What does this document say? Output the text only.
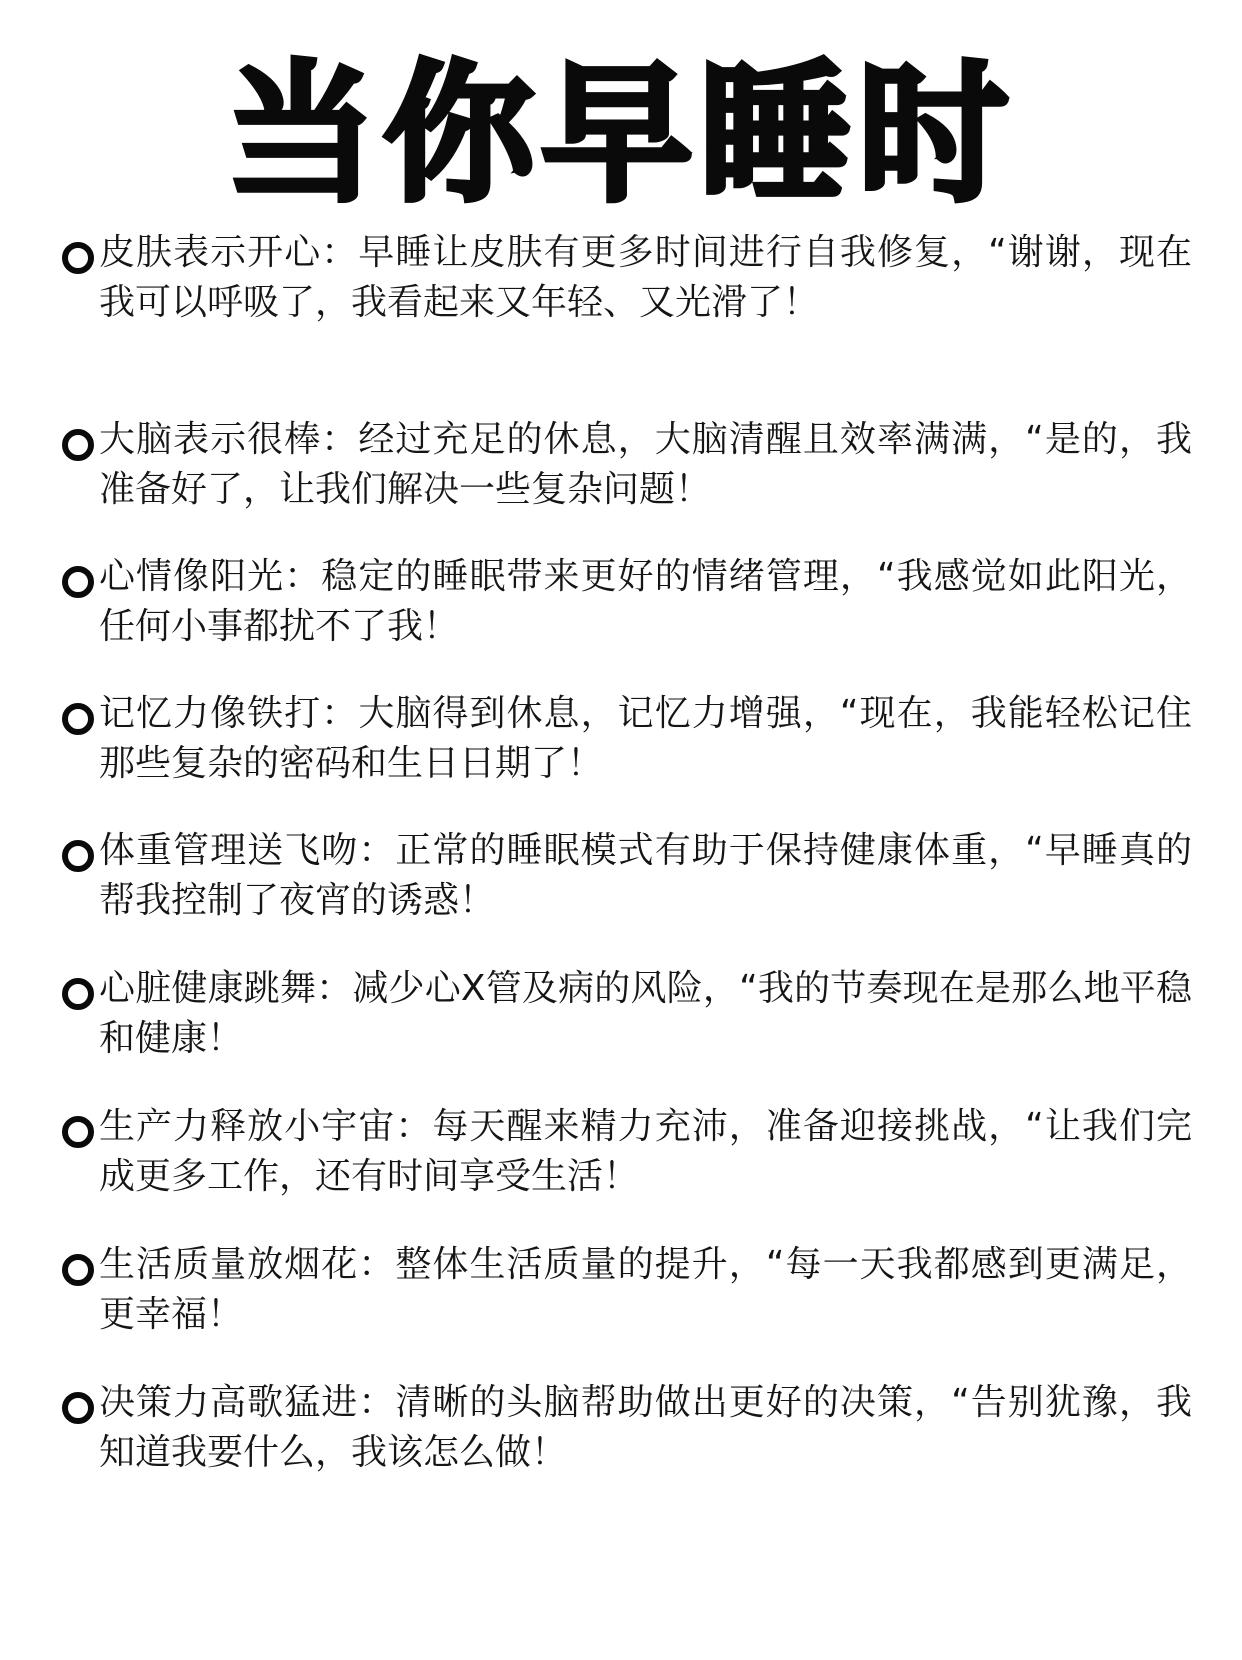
当你早睡时
皮肤表示开心：早睡让皮肤有更多时间进行自我修复，“谢谢，现在我可以呼吸了，我看起来又年轻、又光滑了！
大脑表示很棒：经过充足的休息，大脑清醒且效率满满，“是的，我准备好了，让我们解决一些复杂问题！
心情像阳光：稳定的睡眠带来更好的情绪管理，“我感觉如此阳光，任何小事都扰不了我！
记忆力像铁打：大脑得到休息，记忆力增强，“现在，我能轻松记住那些复杂的密码和生日日期了！
体重管理送飞吻：正常的睡眠模式有助于保持健康体重，“早睡真的帮我控制了夜宵的诱惑！
心脏健康跳舞：减少心X管及病的风险，“我的节奏现在是那么地平稳和健康！
生产力释放小宇宙：每天醒来精力充沛，准备迎接挑战，“让我们完成更多工作，还有时间享受生活！
生活质量放烟花：整体生活质量的提升，“每一天我都感到更满足，更幸福！
决策力高歌猛进：清晰的头脑帮助做出更好的决策，“告别犹豫，我知道我要什么，我该怎么做！
